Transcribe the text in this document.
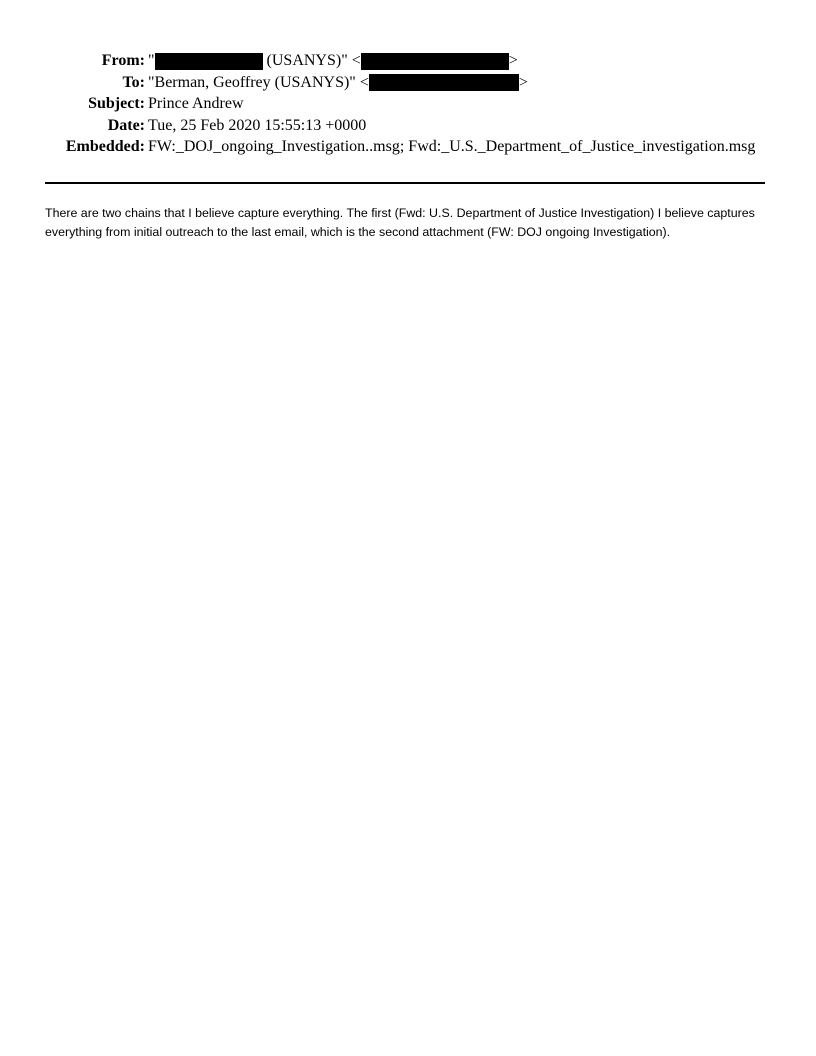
From: "	(USANYS)" <	>
To: "Berman, Geoffrey (USANYS)" <	>
Subject: Prince Andrew
Date: Tue, 25 Feb 2020 15:55:13 +0000
Embedded: FW:_DOJ_ongoing_Investigation..msg; Fwd:_U.S._Department_of_Justice_investigation.msg
There are two chains that I believe capture everything. The first (Fwd: U.S. Department of Justice Investigation) I believe captures everything from initial outreach to the last email, which is the second attachment (FW: DOJ ongoing Investigation).
